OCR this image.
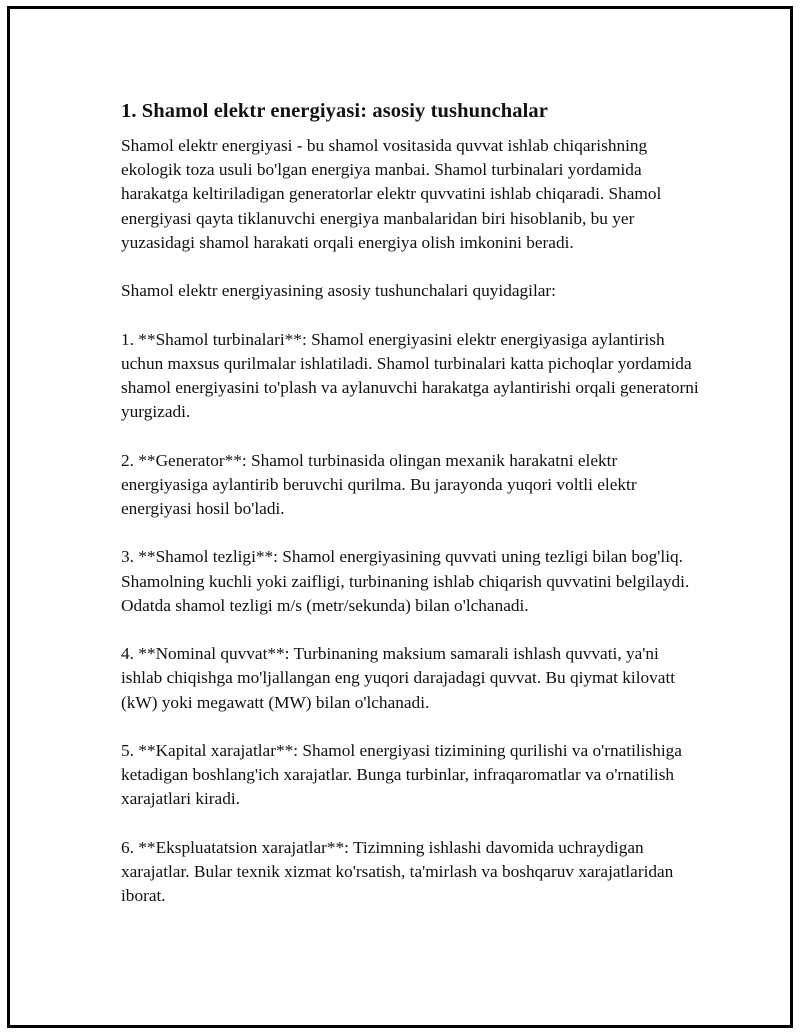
1. Shamol elektr energiyasi: asosiy tushunchalar

Shamol elektr energiyasi - bu shamol vositasida quvvat ishlab chiqarishning ekologik toza usuli bo'lgan energiya manbai. Shamol turbinalari yordamida harakatga keltiriladigan generatorlar elektr quvvatini ishlab chiqaradi. Shamol energiyasi qayta tiklanuvchi energiya manbalaridan biri hisoblanib, bu yer yuzasidagi shamol harakati orqali energiya olish imkonini beradi.

Shamol elektr energiyasining asosiy tushunchalari quyidagilar:

1. **Shamol turbinalari**: Shamol energiyasini elektr energiyasiga aylantirish uchun maxsus qurilmalar ishlatiladi. Shamol turbinalari katta pichoqlar yordamida shamol energiyasini to'plash va aylanuvchi harakatga aylantirishi orqali generatorni yurgizadi.

2. **Generator**: Shamol turbinasida olingan mexanik harakatni elektr energiyasiga aylantirib beruvchi qurilma. Bu jarayonda yuqori voltli elektr energiyasi hosil bo'ladi.

3. **Shamol tezligi**: Shamol energiyasining quvvati uning tezligi bilan bog'liq. Shamolning kuchli yoki zaifligi, turbinaning ishlab chiqarish quvvatini belgilaydi. Odatda shamol tezligi m/s (metr/sekunda) bilan o'lchanadi.

4. **Nominal quvvat**: Turbinaning maksium samarali ishlash quvvati, ya'ni ishlab chiqishga mo'ljallangan eng yuqori darajadagi quvvat. Bu qiymat kilovatt (kW) yoki megawatt (MW) bilan o'lchanadi.

5. **Kapital xarajatlar**: Shamol energiyasi tizimining qurilishi va o'rnatilishiga ketadigan boshlang'ich xarajatlar. Bunga turbinlar, infraqaromatlar va o'rnatilish xarajatlari kiradi.

6. **Ekspluatatsion xarajatlar**: Tizimning ishlashi davomida uchraydigan xarajatlar. Bular texnik xizmat ko'rsatish, ta'mirlash va boshqaruv xarajatlaridan iborat.
